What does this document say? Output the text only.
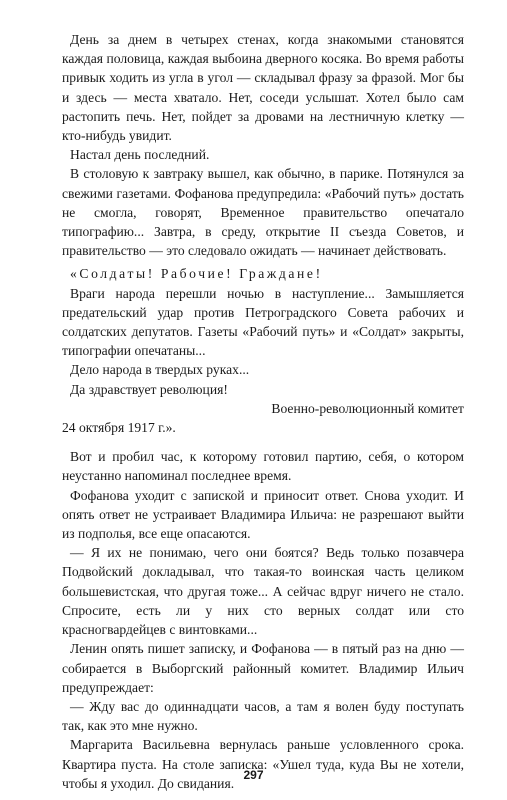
День за днем в четырех стенах, когда знакомыми становятся каждая половица, каждая выбоина дверного косяка. Во время работы привык ходить из угла в угол — складывал фразу за фразой. Мог бы и здесь — места хватало. Нет, соседи услышат. Хотел было сам растопить печь. Нет, пойдет за дровами на лестничную клетку — кто-нибудь увидит.

Настал день последний.

В столовую к завтраку вышел, как обычно, в парике. Потянулся за свежими газетами. Фофанова предупредила: «Рабочий путь» достать не смогла, говорят, Временное правительство опечатало типографию... Завтра, в среду, открытие II съезда Советов, и правительство — это следовало ожидать — начинает действовать.

«Солдаты! Рабочие! Граждане!

Враги народа перешли ночью в наступление... Замышляется предательский удар против Петроградского Совета рабочих и солдатских депутатов. Газеты «Рабочий путь» и «Солдат» закрыты, типографии опечатаны...

Дело народа в твердых руках...

Да здравствует революция!

Военно-революционный комитет

24 октября 1917 г.».

Вот и пробил час, к которому готовил партию, себя, о котором неустанно напоминал последнее время.

Фофанова уходит с запиской и приносит ответ. Снова уходит. И опять ответ не устраивает Владимира Ильича: не разрешают выйти из подполья, все еще опасаются.

— Я их не понимаю, чего они боятся? Ведь только позавчера Подвойский докладывал, что такая-то воинская часть целиком большевистская, что другая тоже... А сейчас вдруг ничего не стало. Спросите, есть ли у них сто верных солдат или сто красногвардейцев с винтовками...

Ленин опять пишет записку, и Фофанова — в пятый раз на дню — собирается в Выборгский районный комитет. Владимир Ильич предупреждает:

— Жду вас до одиннадцати часов, а там я волен буду поступать так, как это мне нужно.

Маргарита Васильевна вернулась раньше условленного срока. Квартира пуста. На столе записка: «Ушел туда, куда Вы не хотели, чтобы я уходил. До свидания.

297
